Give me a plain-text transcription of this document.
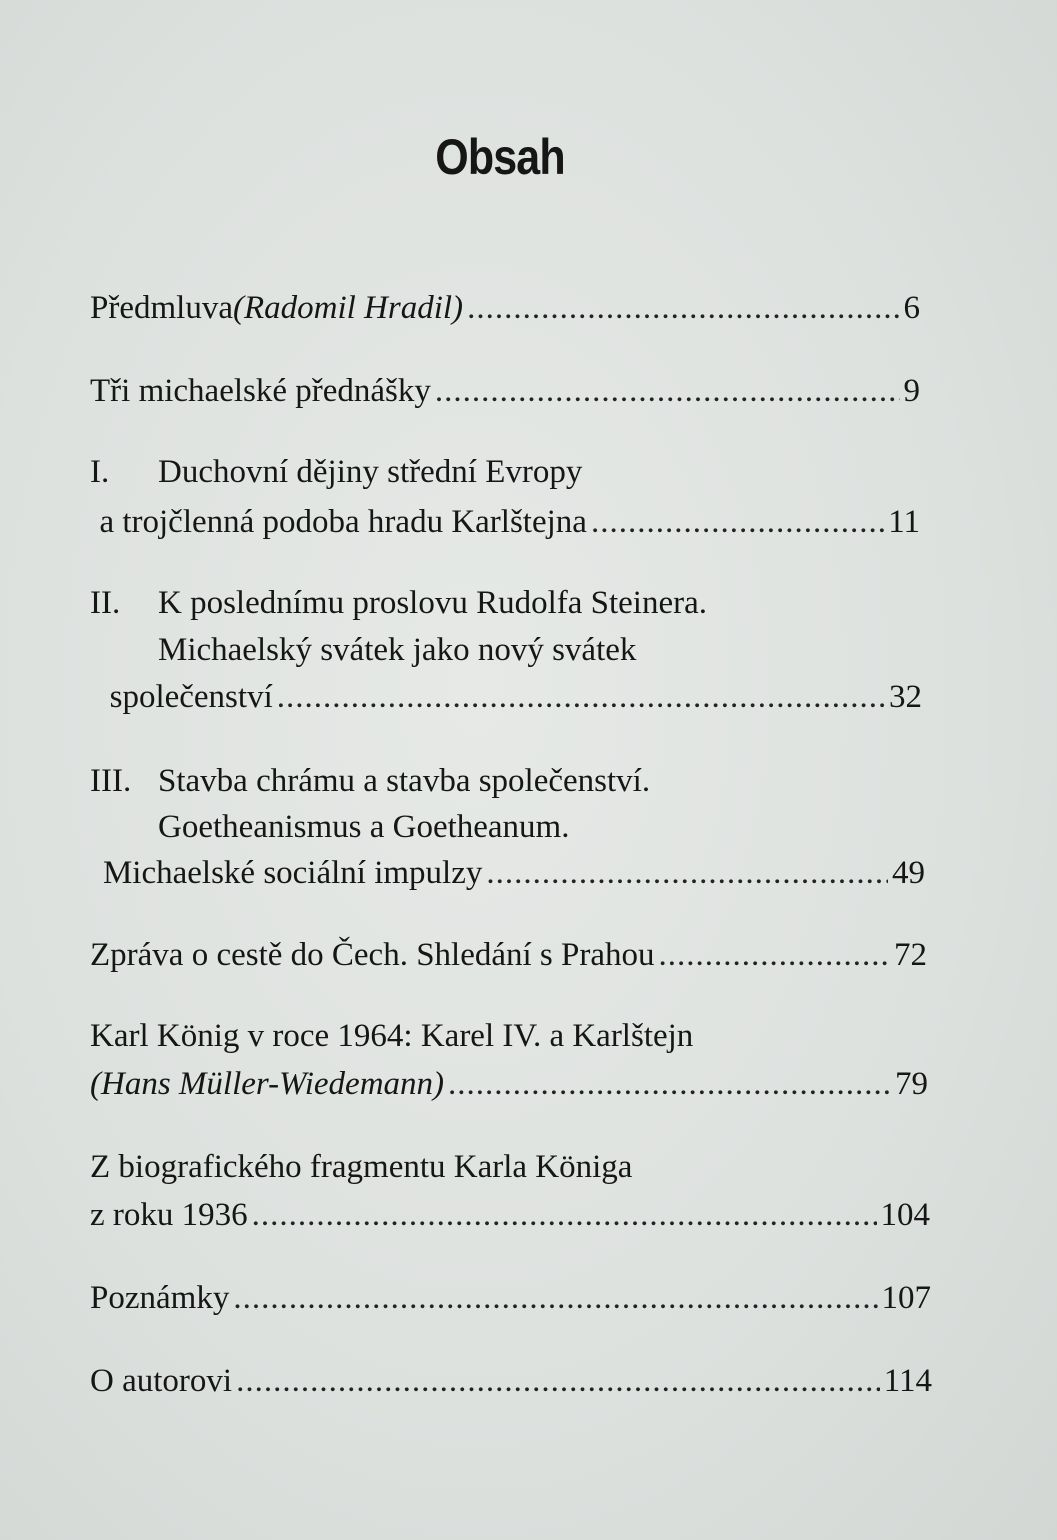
Obsah
Předmluva (Radomil Hradil) .....	6
Tři michaelské přednášky .....	9
I.	Duchovní dějiny střední Evropy
a trojčlenná podoba hradu Karlštejna .....	11
II.	K poslednímu proslovu Rudolfa Steinera.
Michaelský svátek jako nový svátek
společenství .....	32
III. Stavba chrámu a stavba společenství.
Goetheanismus a Goetheanum.
Michaelské sociální impulzy .....	49
Zpráva o cestě do Čech. Shledání s Prahou .....	72
Karl König v roce 1964: Karel IV. a Karlštejn
(Hans Müller-Wiedemann) .....	79
Z biografického fragmentu Karla Königa
z roku 1936 .....	104
Poznámky .....	107
O autorovi .....	114
